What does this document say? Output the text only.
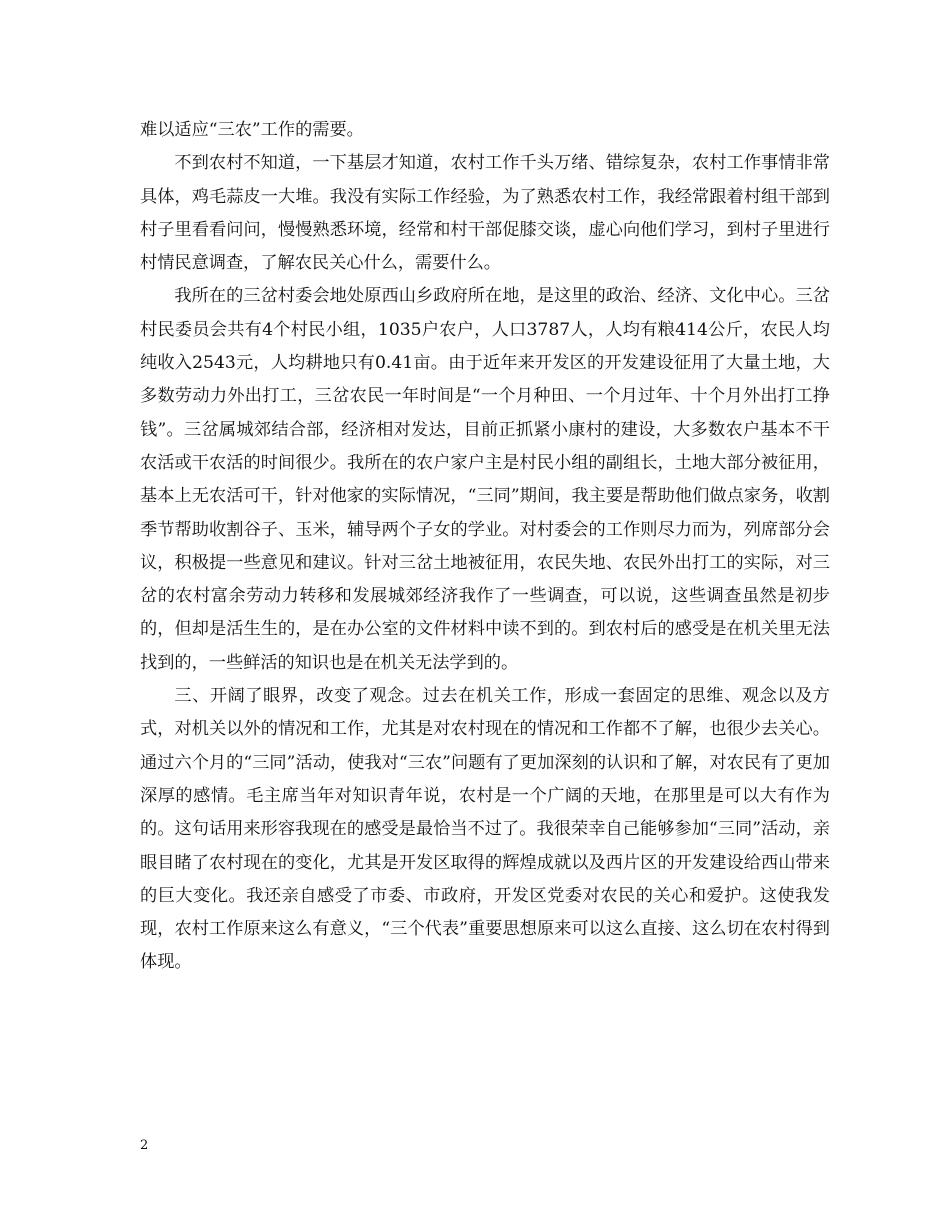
难以适应“三农”工作的需要。

不到农村不知道，一下基层才知道，农村工作千头万绪、错综复杂，农村工作事情非常具体，鸡毛蒜皮一大堆。我没有实际工作经验，为了熟悉农村工作，我经常跟着村组干部到村子里看看问问，慢慢熟悉环境，经常和村干部促膝交谈，虚心向他们学习，到村子里进行村情民意调查，了解农民关心什么，需要什么。

我所在的三岔村委会地处原西山乡政府所在地，是这里的政治、经济、文化中心。三岔村民委员会共有4个村民小组，1035户农户，人口3787人，人均有粮414公斤，农民人均纯收入2543元，人均耕地只有0.41亩。由于近年来开发区的开发建设征用了大量土地，大多数劳动力外出打工，三岔农民一年时间是“一个月种田、一个月过年、十个月外出打工挣钱”。三岔属城郊结合部，经济相对发达，目前正抓紧小康村的建设，大多数农户基本不干农活或干农活的时间很少。我所在的农户家户主是村民小组的副组长，土地大部分被征用，基本上无农活可干，针对他家的实际情况，“三同”期间，我主要是帮助他们做点家务，收割季节帮助收割谷子、玉米，辅导两个子女的学业。对村委会的工作则尽力而为，列席部分会议，积极提一些意见和建议。针对三岔土地被征用，农民失地、农民外出打工的实际，对三岔的农村富余劳动力转移和发展城郊经济我作了一些调查，可以说，这些调查虽然是初步的，但却是活生生的，是在办公室的文件材料中读不到的。到农村后的感受是在机关里无法找到的，一些鲜活的知识也是在机关无法学到的。

三、开阔了眼界，改变了观念。过去在机关工作，形成一套固定的思维、观念以及方式，对机关以外的情况和工作，尤其是对农村现在的情况和工作都不了解，也很少去关心。通过六个月的“三同”活动，使我对“三农”问题有了更加深刻的认识和了解，对农民有了更加深厚的感情。毛主席当年对知识青年说，农村是一个广阔的天地，在那里是可以大有作为的。这句话用来形容我现在的感受是最恰当不过了。我很荣幸自己能够参加“三同”活动，亲眼目睹了农村现在的变化，尤其是开发区取得的辉煌成就以及西片区的开发建设给西山带来的巨大变化。我还亲自感受了市委、市政府，开发区党委对农民的关心和爱护。这使我发现，农村工作原来这么有意义，“三个代表”重要思想原来可以这么直接、这么切在农村得到体现。

2
